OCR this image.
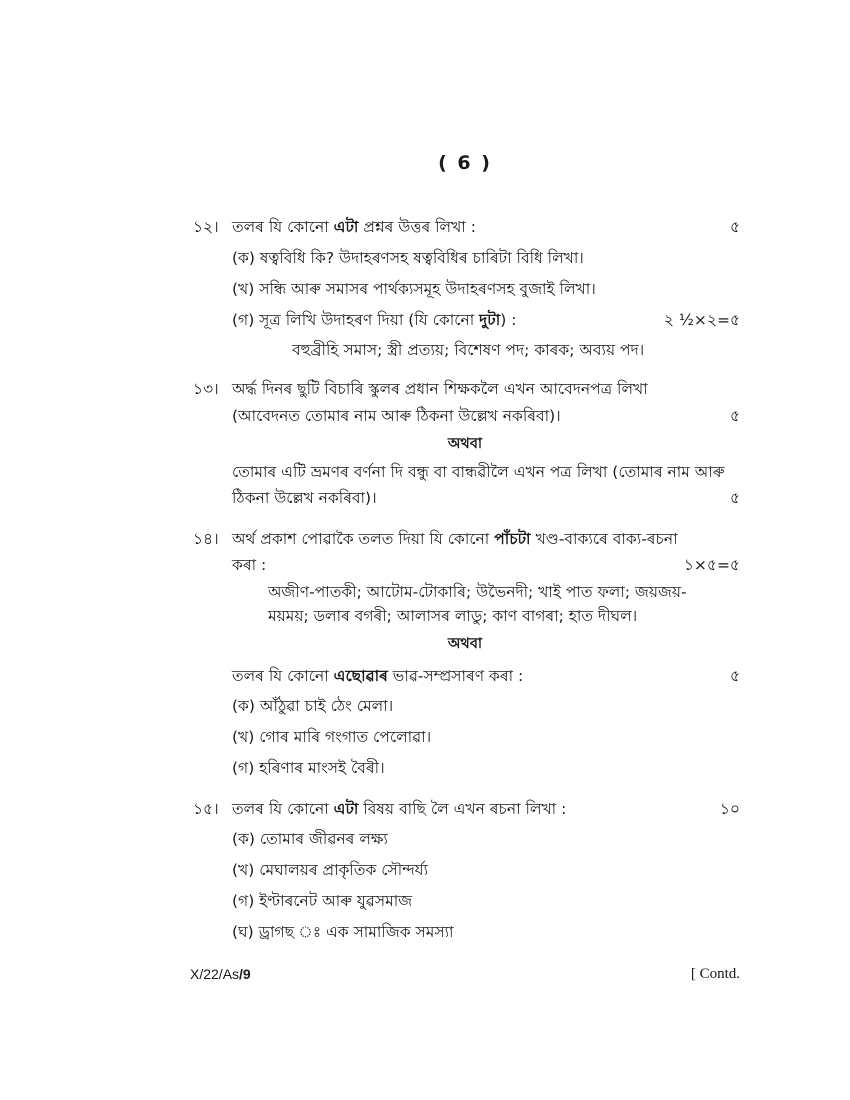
( 6 )
১২। তলৰ যি কোনো এটা প্ৰশ্নৰ উত্তৰ লিখা :	৫
(ক) ষত্ববিধি কি? উদাহৰণসহ ষত্ববিধিৰ চাৰিটা বিধি লিখা।
(খ) সন্ধি আৰু সমাসৰ পাৰ্থক্যসমূহ উদাহৰণসহ বুজাই লিখা।
(গ) সূত্ৰ লিখি উদাহৰণ দিয়া (যি কোনো দুটা) :	২ ½×২=৫
বহুব্ৰীহি সমাস; স্ত্ৰী প্ৰত্যয়; বিশেষণ পদ; কাৰক; অব্যয় পদ।
১৩। অৰ্দ্ধ দিনৰ ছুটি বিচাৰি স্কুলৰ প্ৰধান শিক্ষকলৈ এখন আবেদনপত্ৰ লিখা
(আবেদনত তোমাৰ নাম আৰু ঠিকনা উল্লেখ নকৰিবা)।	৫
অথবা
তোমাৰ এটি ভ্ৰমণৰ বৰ্ণনা দি বন্ধু বা বান্ধৱীলৈ এখন পত্ৰ লিখা (তোমাৰ নাম আৰু
ঠিকনা উল্লেখ নকৰিবা)।	৫
১৪। অৰ্থ প্ৰকাশ পোৱাকৈ তলত দিয়া যি কোনো পাঁচটা খণ্ড-বাক্যৰে বাক্য-ৰচনা
কৰা :	১×৫=৫
অজীণ-পাতকী; আটোম-টোকাৰি; উভৈনদী; খাই পাত ফলা; জয়জয়-
ময়ময়; ডলাৰ বগৰী; আলাসৰ লাডু; কাণ বাগৰা; হাত দীঘল।
অথবা
তলৰ যি কোনো এছোৱাৰ ভাৱ-সম্প্ৰসাৰণ কৰা :	৫
(ক) আঁঠুৱা চাই ঠেং মেলা।
(খ) গোৰ মাৰি গংগাত পেলোৱা।
(গ) হৰিণাৰ মাংসই বৈৰী।
১৫। তলৰ যি কোনো এটা বিষয় বাছি লৈ এখন ৰচনা লিখা :	১০
(ক) তোমাৰ জীৱনৰ লক্ষ্য
(খ) মেঘালয়ৰ প্ৰাকৃতিক সৌন্দৰ্য্য
(গ) ইণ্টাৰনেট আৰু যুৱসমাজ
(ঘ) ড্ৰাগছ ঃ এক সামাজিক সমস্যা
X/22/As/9	[ Contd.
